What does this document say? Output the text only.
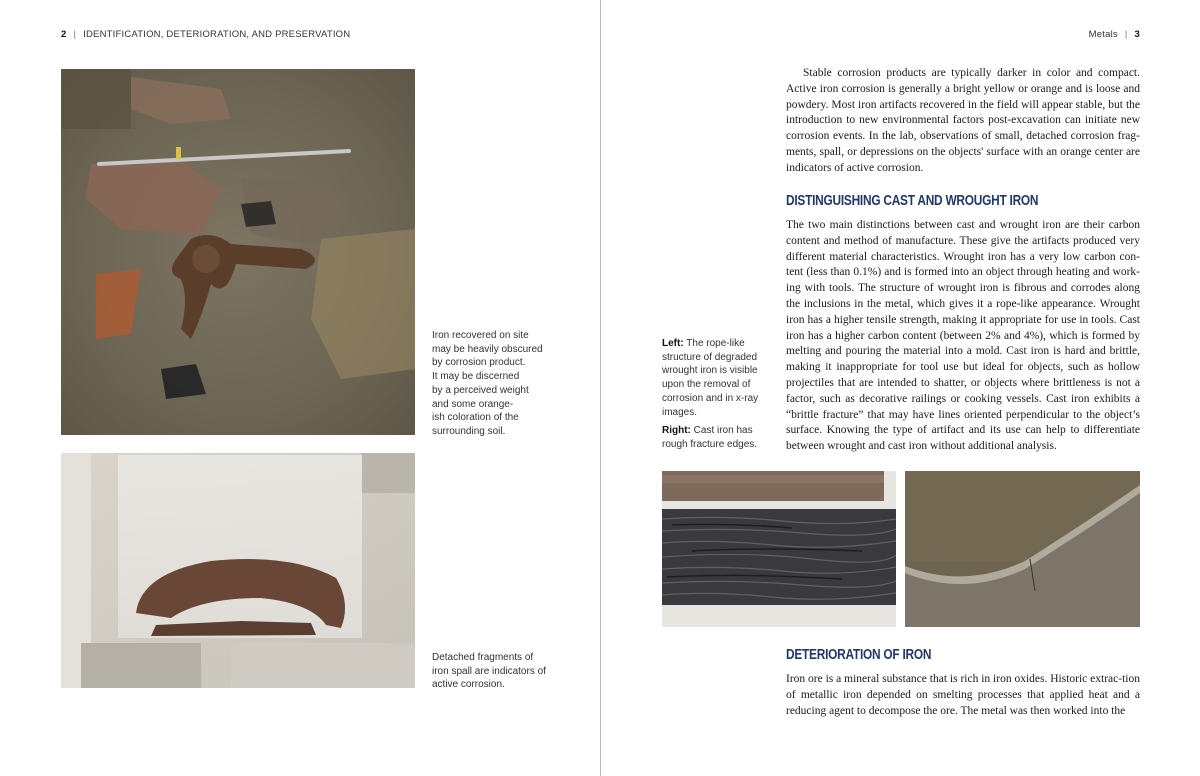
2 | IDENTIFICATION, DETERIORATION, AND PRESERVATION	Metals | 3
Iron recovered on site
may be heavily obscured
by corrosion product.
It may be discerned
by a perceived weight
and some orange-
ish coloration of the
surrounding soil.
Detached fragments of
iron spall are indicators of
active corrosion.

Stable corrosion products are typically darker in color and compact. Active iron corrosion is generally a bright yellow or orange and is loose and powdery. Most iron artifacts recovered in the field will appear stable, but the introduction to new environmental factors post-excavation can initiate new corrosion events. In the lab, observations of small, detached corrosion frag-ments, spall, or depressions on the objects' surface with an orange center are indicators of active corrosion.

DISTINGUISHING CAST AND WROUGHT IRON

The two main distinctions between cast and wrought iron are their carbon content and method of manufacture. These give the artifacts produced very different material characteristics. Wrought iron has a very low carbon con-tent (less than 0.1%) and is formed into an object through heating and work-ing with tools. The structure of wrought iron is fibrous and corrodes along the inclusions in the metal, which gives it a rope-like appearance. Wrought iron has a higher tensile strength, making it appropriate for use in tools. Cast iron has a higher carbon content (between 2% and 4%), which is formed by melting and pouring the material into a mold. Cast iron is hard and brittle, making it inappropriate for tool use but ideal for objects, such as hollow projectiles that are intended to shatter, or objects where brittleness is not a factor, such as decorative railings or cooking vessels. Cast iron exhibits a “brittle fracture” that may have lines oriented perpendicular to the object’s surface. Knowing the type of artifact and its use can help to differentiate between wrought and cast iron without additional analysis.

Left: The rope-like structure of degraded wrought iron is visible upon the removal of corrosion and in x-ray images.

Right: Cast iron has rough fracture edges.

DETERIORATION OF IRON

Iron ore is a mineral substance that is rich in iron oxides. Historic extrac-tion of metallic iron depended on smelting processes that applied heat and a reducing agent to decompose the ore. The metal was then worked into the
